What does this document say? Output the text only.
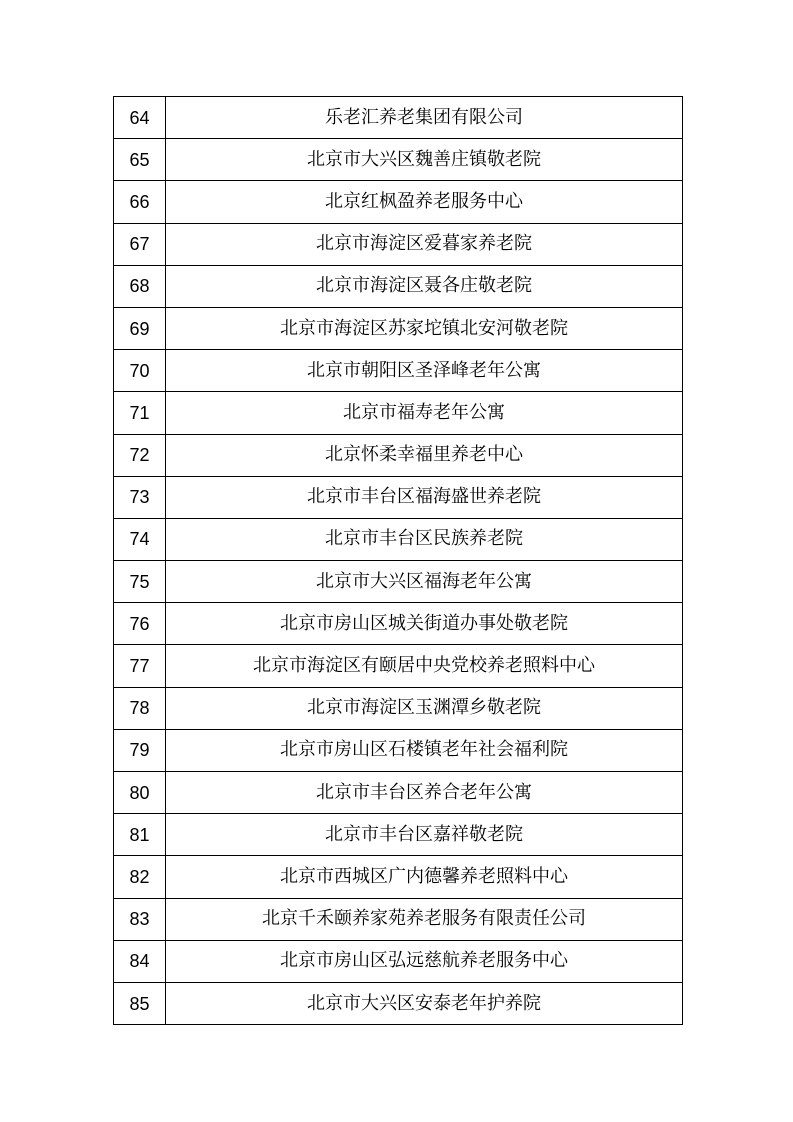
64	乐老汇养老集团有限公司
65	北京市大兴区魏善庄镇敬老院
66	北京红枫盈养老服务中心
67	北京市海淀区爱暮家养老院
68	北京市海淀区聂各庄敬老院
69	北京市海淀区苏家坨镇北安河敬老院
70	北京市朝阳区圣泽峰老年公寓
71	北京市福寿老年公寓
72	北京怀柔幸福里养老中心
73	北京市丰台区福海盛世养老院
74	北京市丰台区民族养老院
75	北京市大兴区福海老年公寓
76	北京市房山区城关街道办事处敬老院
77	北京市海淀区有颐居中央党校养老照料中心
78	北京市海淀区玉渊潭乡敬老院
79	北京市房山区石楼镇老年社会福利院
80	北京市丰台区养合老年公寓
81	北京市丰台区嘉祥敬老院
82	北京市西城区广内德馨养老照料中心
83	北京千禾颐养家苑养老服务有限责任公司
84	北京市房山区弘远慈航养老服务中心
85	北京市大兴区安泰老年护养院
